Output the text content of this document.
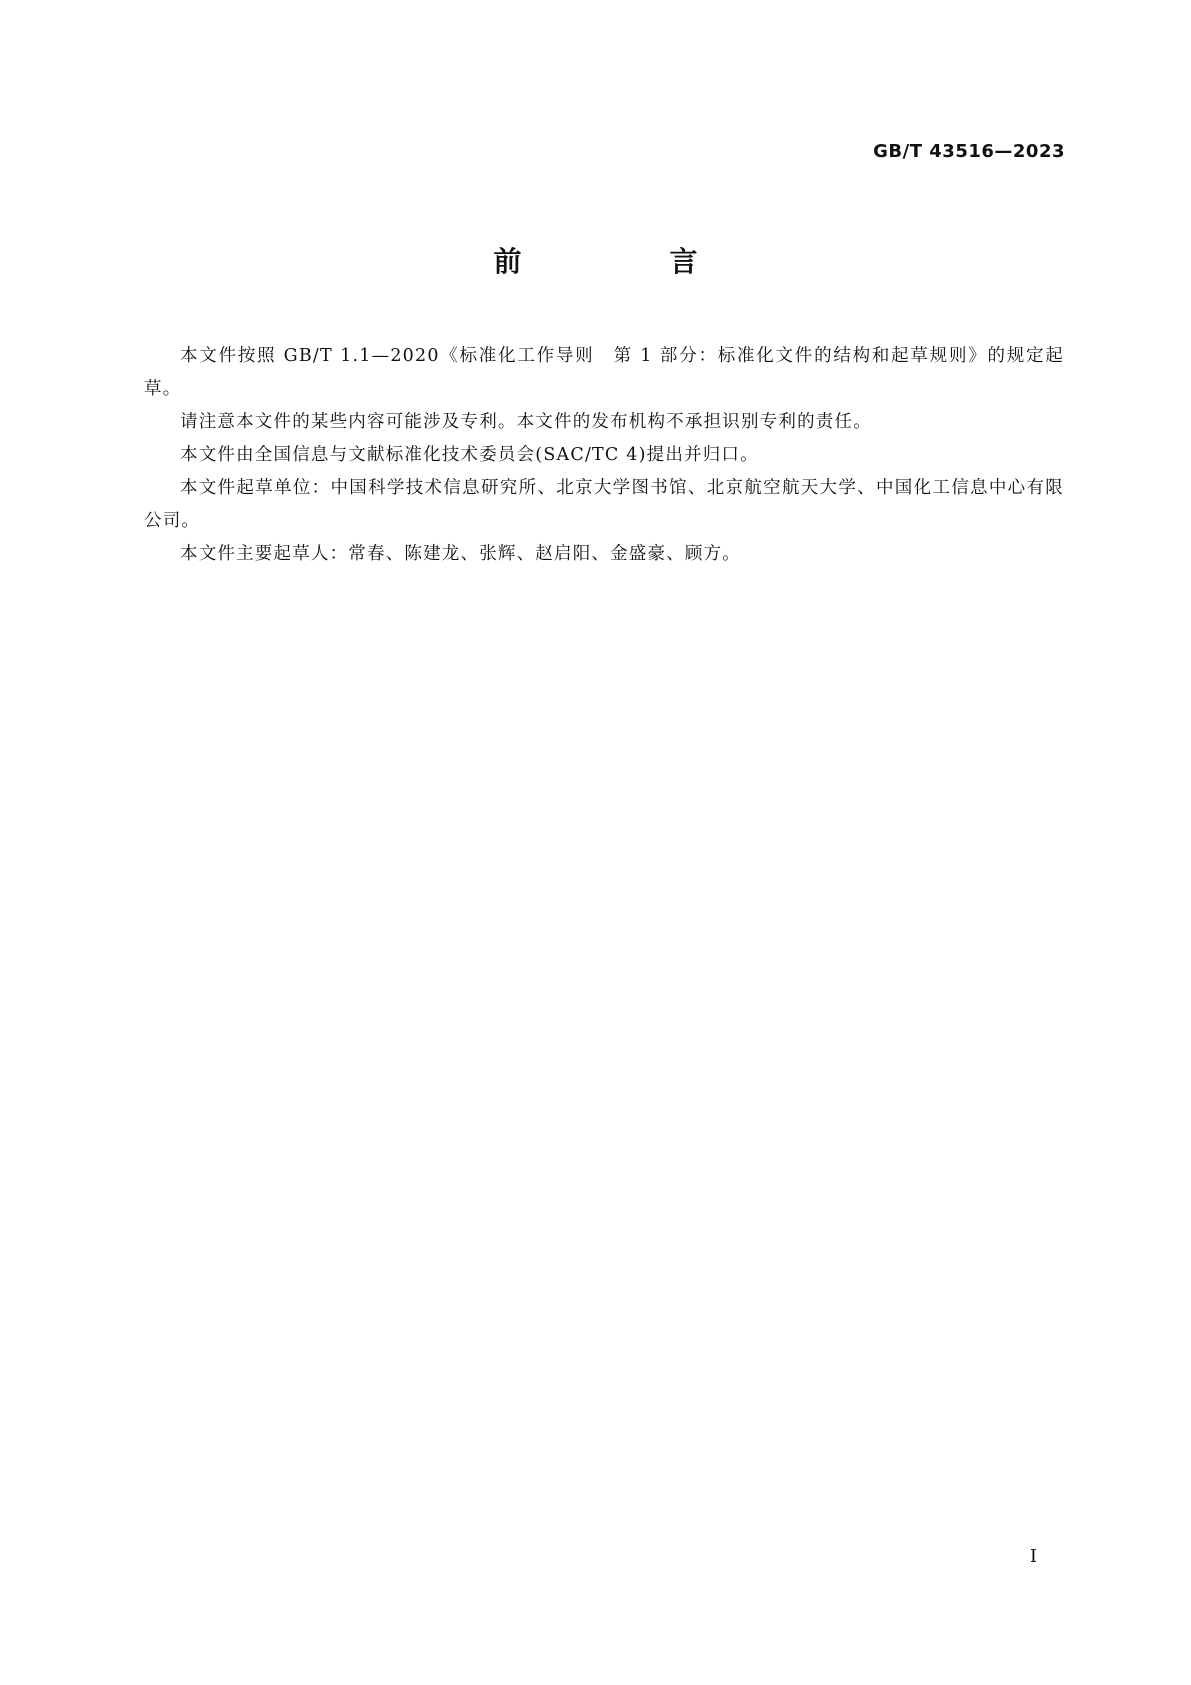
GB/T 43516—2023
前　言

本文件按照 GB/T 1.1—2020《标准化工作导则　第 1 部分：标准化文件的结构和起草规则》的规定起草。

请注意本文件的某些内容可能涉及专利。本文件的发布机构不承担识别专利的责任。

本文件由全国信息与文献标准化技术委员会(SAC/TC 4)提出并归口。

本文件起草单位：中国科学技术信息研究所、北京大学图书馆、北京航空航天大学、中国化工信息中心有限公司。

本文件主要起草人：常春、陈建龙、张辉、赵启阳、金盛豪、顾方。

I
